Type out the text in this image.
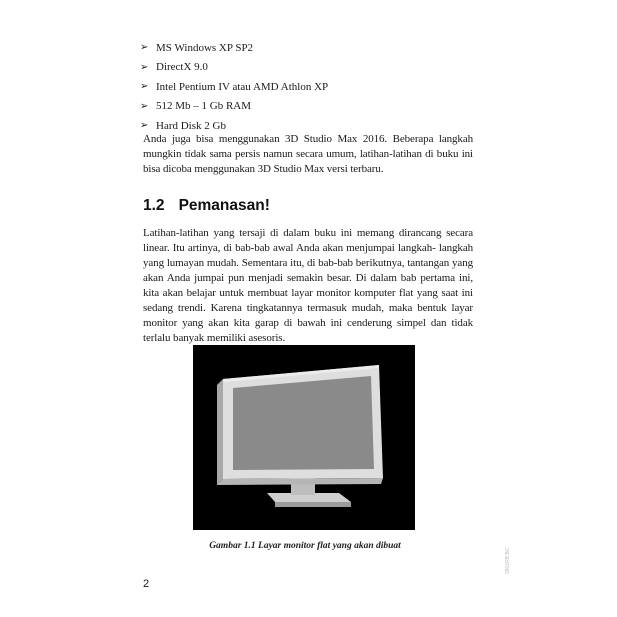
➢ MS Windows XP SP2
➢ DirectX 9.0
➢ Intel Pentium IV atau AMD Athlon XP
➢ 512 Mb – 1 Gb RAM
➢ Hard Disk 2 Gb

Anda juga bisa menggunakan 3D Studio Max 2016. Beberapa langkah mungkin tidak sama persis namun secara umum, latihan-latihan di buku ini bisa dicoba menggunakan 3D Studio Max versi terbaru.

1.2 Pemanasan!

Latihan-latihan yang tersaji di dalam buku ini memang dirancang secara linear. Itu artinya, di bab-bab awal Anda akan menjumpai langkah- langkah yang lumayan mudah. Sementara itu, di bab-bab berikutnya, tantangan yang akan Anda jumpai pun menjadi semakin besar. Di dalam bab pertama ini, kita akan belajar untuk membuat layar monitor komputer flat yang saat ini sedang trendi. Karena tingkatannya termasuk mudah, maka bentuk layar monitor yang akan kita garap di bawah ini cenderung simpel dan tidak terlalu banyak memiliki asesoris.

Gambar 1.1 Layar monitor flat yang akan dibuat
2
0901RB BC
